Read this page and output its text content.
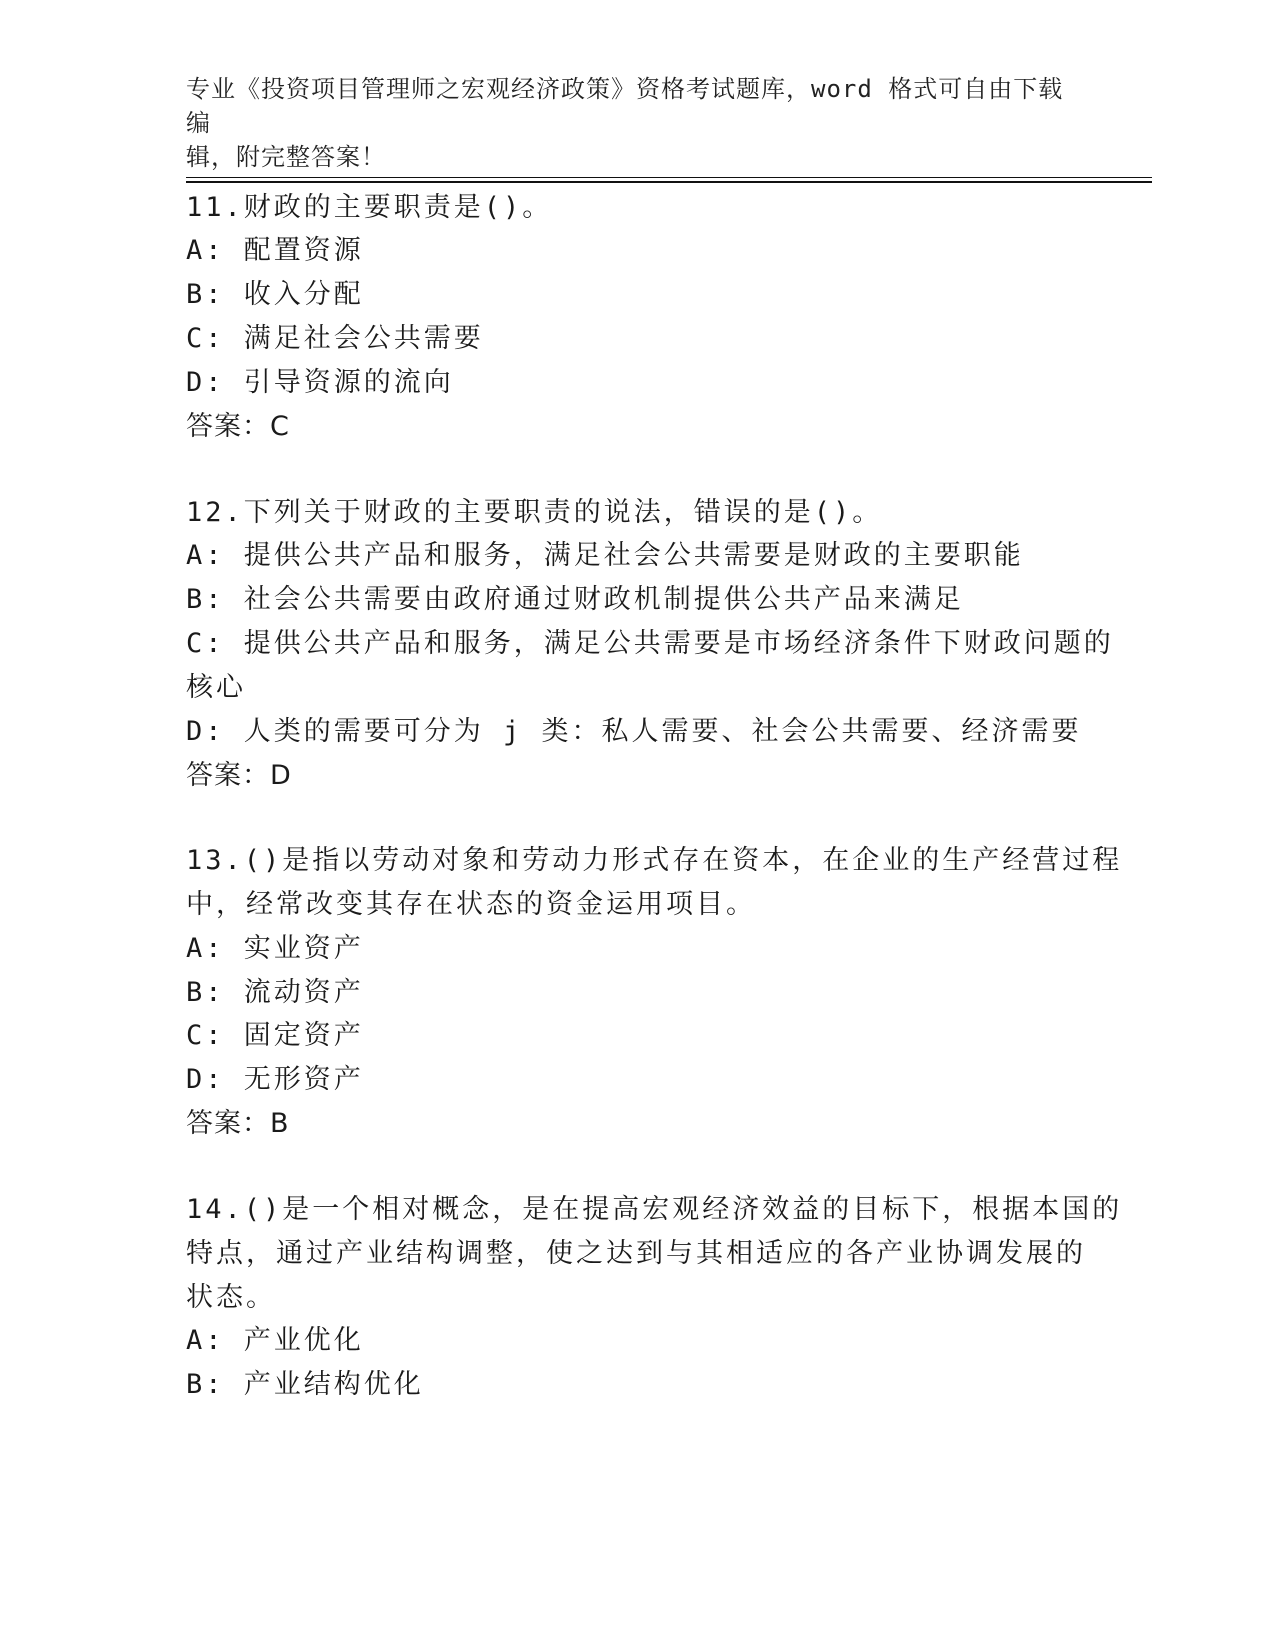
专业《投资项目管理师之宏观经济政策》资格考试题库，word 格式可自由下载编
辑，附完整答案！
11.财政的主要职责是()。
A: 配置资源
B: 收入分配
C: 满足社会公共需要
D: 引导资源的流向
答案：C
12.下列关于财政的主要职责的说法，错误的是()。
A: 提供公共产品和服务，满足社会公共需要是财政的主要职能
B: 社会公共需要由政府通过财政机制提供公共产品来满足
C: 提供公共产品和服务，满足公共需要是市场经济条件下财政问题的
核心
D: 人类的需要可分为 j 类：私人需要、社会公共需要、经济需要
答案：D
13.()是指以劳动对象和劳动力形式存在资本，在企业的生产经营过程
中，经常改变其存在状态的资金运用项目。
A: 实业资产
B: 流动资产
C: 固定资产
D: 无形资产
答案：B
14.()是一个相对概念，是在提高宏观经济效益的目标下，根据本国的
特点，通过产业结构调整，使之达到与其相适应的各产业协调发展的
状态。
A: 产业优化
B: 产业结构优化
